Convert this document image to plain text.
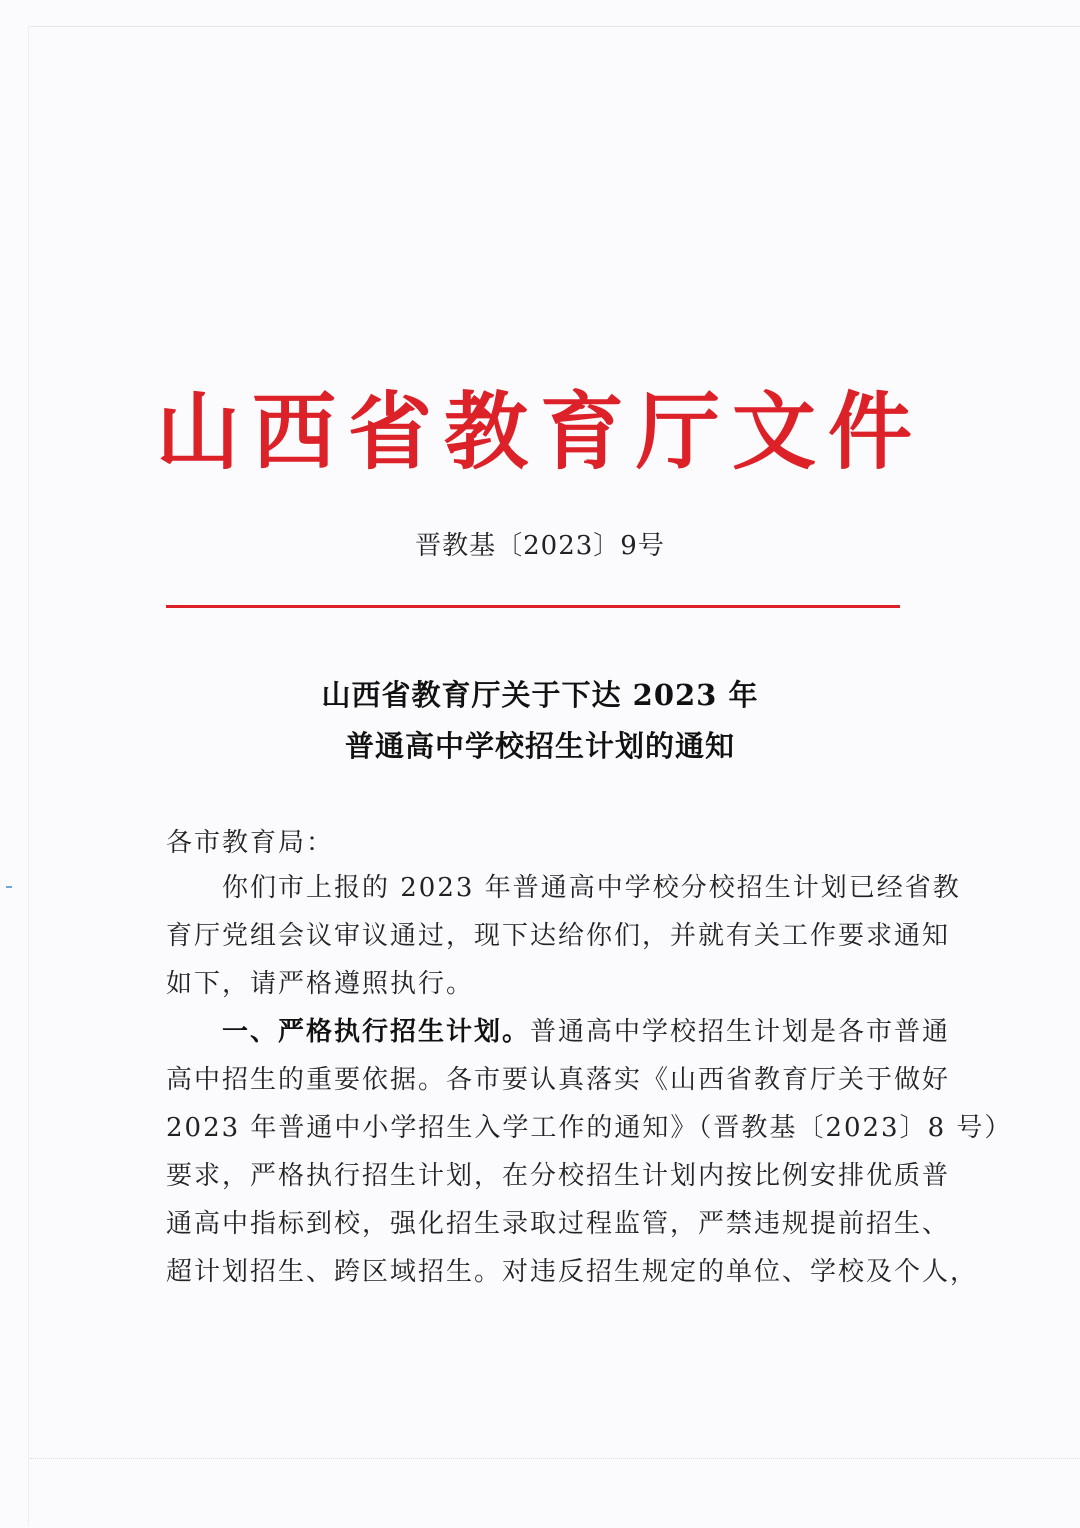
山西省教育厅文件
晋教基〔2023〕9号
山西省教育厅关于下达 2023 年
普通高中学校招生计划的通知
各市教育局：
　　你们市上报的 2023 年普通高中学校分校招生计划已经省教
育厅党组会议审议通过，现下达给你们，并就有关工作要求通知
如下，请严格遵照执行。
　　一、严格执行招生计划。普通高中学校招生计划是各市普通
高中招生的重要依据。各市要认真落实《山西省教育厅关于做好
2023 年普通中小学招生入学工作的通知》（晋教基〔2023〕8 号）
要求，严格执行招生计划，在分校招生计划内按比例安排优质普
通高中指标到校，强化招生录取过程监管，严禁违规提前招生、
超计划招生、跨区域招生。对违反招生规定的单位、学校及个人，
